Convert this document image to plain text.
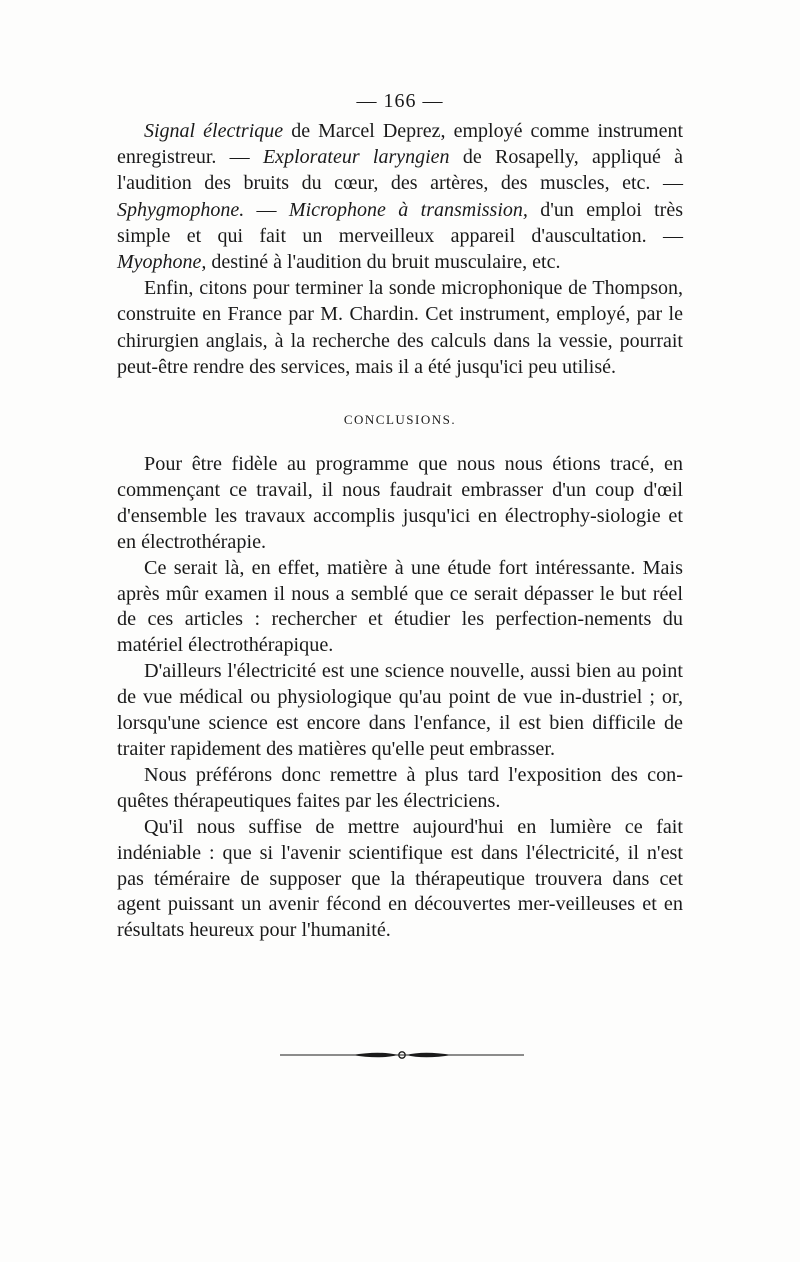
— 166 —

Signal électrique de Marcel Deprez, employé comme instrument enregistreur. — Explorateur laryngien de Rosapelly, appliqué à l'audition des bruits du cœur, des artères, des muscles, etc. — Sphygmophone. — Microphone à transmission, d'un emploi très simple et qui fait un merveilleux appareil d'auscultation. — Myophone, destiné à l'audition du bruit musculaire, etc.

Enfin, citons pour terminer la sonde microphonique de Thompson, construite en France par M. Chardin. Cet instrument, employé, par le chirurgien anglais, à la recherche des calculs dans la vessie, pourrait peut-être rendre des services, mais il a été jusqu'ici peu utilisé.

CONCLUSIONS.

Pour être fidèle au programme que nous nous étions tracé, en commençant ce travail, il nous faudrait embrasser d'un coup d'œil d'ensemble les travaux accomplis jusqu'ici en électrophy-siologie et en électrothérapie.

Ce serait là, en effet, matière à une étude fort intéressante. Mais après mûr examen il nous a semblé que ce serait dépasser le but réel de ces articles : rechercher et étudier les perfection-nements du matériel électrothérapique.

D'ailleurs l'électricité est une science nouvelle, aussi bien au point de vue médical ou physiologique qu'au point de vue in-dustriel ; or, lorsqu'une science est encore dans l'enfance, il est bien difficile de traiter rapidement des matières qu'elle peut embrasser.

Nous préférons donc remettre à plus tard l'exposition des con-quêtes thérapeutiques faites par les électriciens.

Qu'il nous suffise de mettre aujourd'hui en lumière ce fait indéniable : que si l'avenir scientifique est dans l'électricité, il n'est pas téméraire de supposer que la thérapeutique trouvera dans cet agent puissant un avenir fécond en découvertes mer-veilleuses et en résultats heureux pour l'humanité.
